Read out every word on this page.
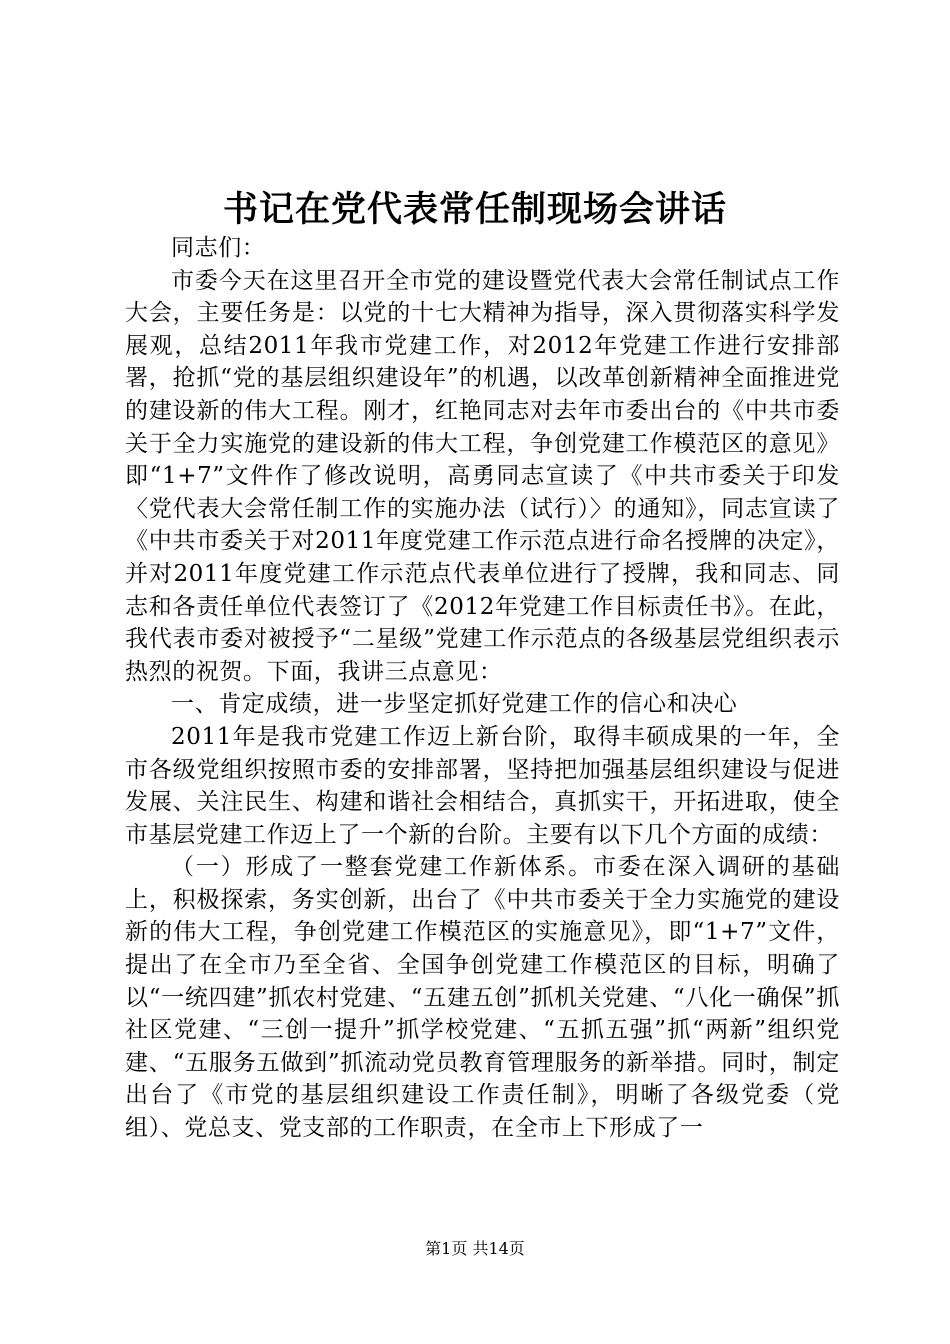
书记在党代表常任制现场会讲话

同志们：

市委今天在这里召开全市党的建设暨党代表大会常任制试点工作大会，主要任务是：以党的十七大精神为指导，深入贯彻落实科学发展观，总结2011年我市党建工作，对2012年党建工作进行安排部署，抢抓“党的基层组织建设年”的机遇，以改革创新精神全面推进党的建设新的伟大工程。刚才，红艳同志对去年市委出台的《中共市委关于全力实施党的建设新的伟大工程，争创党建工作模范区的意见》即“1+7”文件作了修改说明，高勇同志宣读了《中共市委关于印发〈党代表大会常任制工作的实施办法（试行）〉的通知》，同志宣读了《中共市委关于对2011年度党建工作示范点进行命名授牌的决定》，并对2011年度党建工作示范点代表单位进行了授牌，我和同志、同志和各责任单位代表签订了《2012年党建工作目标责任书》。在此，我代表市委对被授予“二星级”党建工作示范点的各级基层党组织表示热烈的祝贺。下面，我讲三点意见：

一、肯定成绩，进一步坚定抓好党建工作的信心和决心

2011年是我市党建工作迈上新台阶，取得丰硕成果的一年，全市各级党组织按照市委的安排部署，坚持把加强基层组织建设与促进发展、关注民生、构建和谐社会相结合，真抓实干，开拓进取，使全市基层党建工作迈上了一个新的台阶。主要有以下几个方面的成绩：

（一）形成了一整套党建工作新体系。市委在深入调研的基础上，积极探索，务实创新，出台了《中共市委关于全力实施党的建设新的伟大工程，争创党建工作模范区的实施意见》，即“1+7”文件，提出了在全市乃至全省、全国争创党建工作模范区的目标，明确了以“一统四建”抓农村党建、“五建五创”抓机关党建、“八化一确保”抓社区党建、“三创一提升”抓学校党建、“五抓五强”抓“两新”组织党建、“五服务五做到”抓流动党员教育管理服务的新举措。同时，制定出台了《市党的基层组织建设工作责任制》，明晰了各级党委（党组）、党总支、党支部的工作职责，在全市上下形成了一

第1页 共14页
